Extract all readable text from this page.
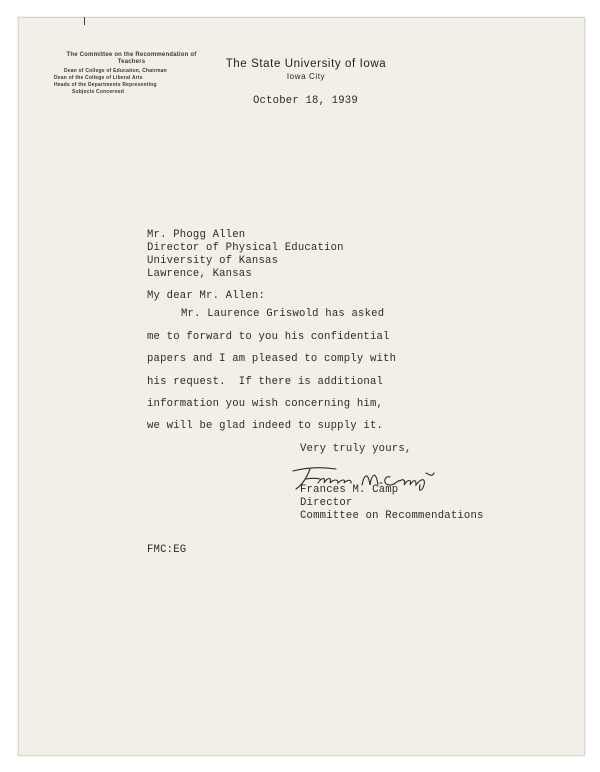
The Committee on the Recommendation of Teachers
Dean of College of Education, Chairman
Dean of the College of Liberal Arts
Heads of the Departments Representing
Subjects Concerned
The State University of Iowa
Iowa City
October 18, 1939
Mr. Phogg Allen
Director of Physical Education
University of Kansas
Lawrence, Kansas
My dear Mr. Allen:
Mr. Laurence Griswold has asked
me to forward to you his confidential
papers and I am pleased to comply with
his request.  If there is additional
information you wish concerning him,
we will be glad indeed to supply it.
Very truly yours,
Frances M. Camp
Director
Committee on Recommendations
FMC:EG
